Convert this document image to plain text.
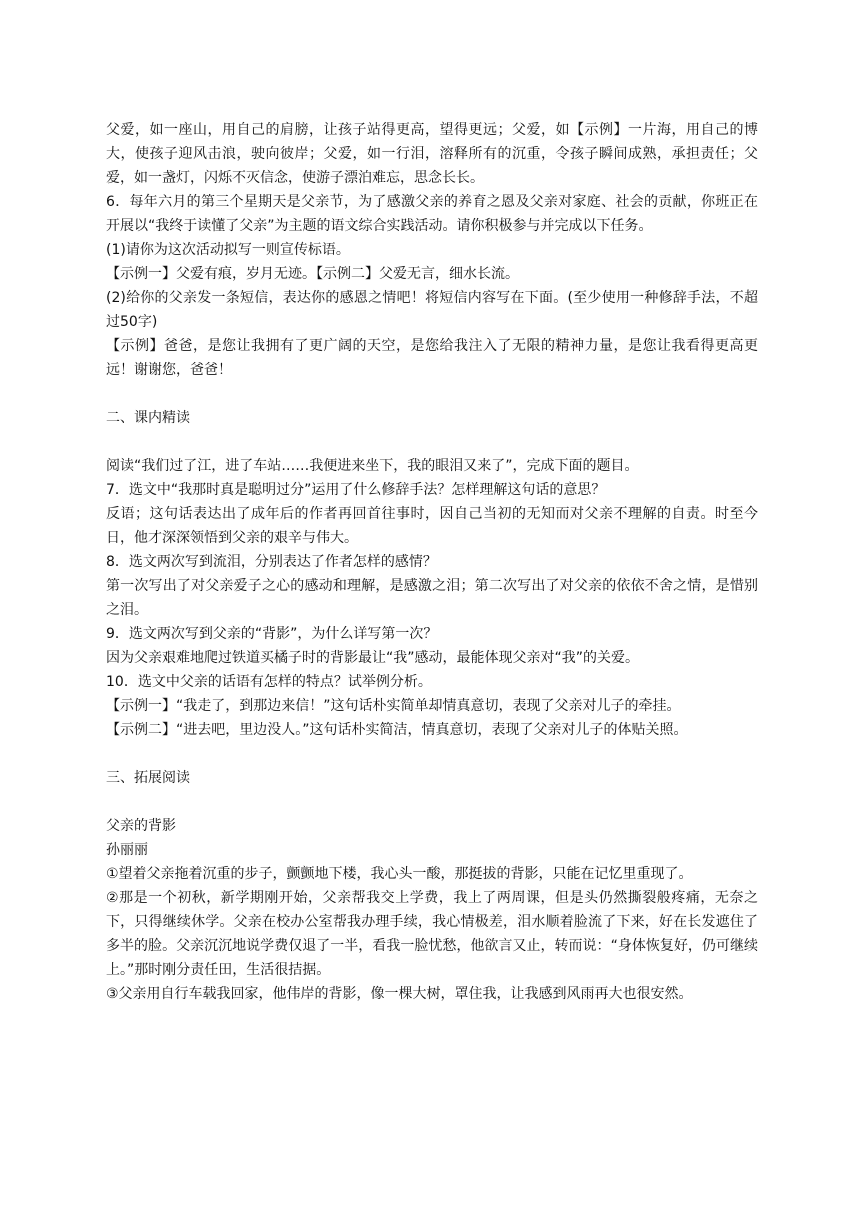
父爱，如一座山，用自己的肩膀，让孩子站得更高，望得更远；父爱，如【示例】一片海，用自己的博大，使孩子迎风击浪，驶向彼岸；父爱，如一行泪，溶释所有的沉重，令孩子瞬间成熟，承担责任；父爱，如一盏灯，闪烁不灭信念，使游子漂泊难忘，思念长长。

6．每年六月的第三个星期天是父亲节，为了感激父亲的养育之恩及父亲对家庭、社会的贡献，你班正在开展以“我终于读懂了父亲”为主题的语文综合实践活动。请你积极参与并完成以下任务。

(1)请你为这次活动拟写一则宣传标语。

【示例一】父爱有痕，岁月无迹。【示例二】父爱无言，细水长流。

(2)给你的父亲发一条短信，表达你的感恩之情吧！将短信内容写在下面。(至少使用一种修辞手法，不超过50字)

【示例】爸爸，是您让我拥有了更广阔的天空，是您给我注入了无限的精神力量，是您让我看得更高更远！谢谢您，爸爸！

二、课内精读

阅读“我们过了江，进了车站……我便进来坐下，我的眼泪又来了”，完成下面的题目。

7．选文中“我那时真是聪明过分”运用了什么修辞手法？怎样理解这句话的意思？

反语；这句话表达出了成年后的作者再回首往事时，因自己当初的无知而对父亲不理解的自责。时至今日，他才深深领悟到父亲的艰辛与伟大。

8．选文两次写到流泪，分别表达了作者怎样的感情？

第一次写出了对父亲爱子之心的感动和理解，是感激之泪；第二次写出了对父亲的依依不舍之情，是惜别之泪。

9．选文两次写到父亲的“背影”，为什么详写第一次？

因为父亲艰难地爬过铁道买橘子时的背影最让“我”感动，最能体现父亲对“我”的关爱。

10．选文中父亲的话语有怎样的特点？试举例分析。

【示例一】“我走了，到那边来信！”这句话朴实简单却情真意切，表现了父亲对儿子的牵挂。

【示例二】“进去吧，里边没人。”这句话朴实简洁，情真意切，表现了父亲对儿子的体贴关照。

三、拓展阅读

父亲的背影

孙丽丽

①望着父亲拖着沉重的步子，颤颤地下楼，我心头一酸，那挺拔的背影，只能在记忆里重现了。

②那是一个初秋，新学期刚开始，父亲帮我交上学费，我上了两周课，但是头仍然撕裂般疼痛，无奈之下，只得继续休学。父亲在校办公室帮我办理手续，我心情极差，泪水顺着脸流了下来，好在长发遮住了多半的脸。父亲沉沉地说学费仅退了一半，看我一脸忧愁，他欲言又止，转而说：“身体恢复好，仍可继续上。”那时刚分责任田，生活很拮据。

③父亲用自行车载我回家，他伟岸的背影，像一棵大树，罩住我，让我感到风雨再大也很安然。
